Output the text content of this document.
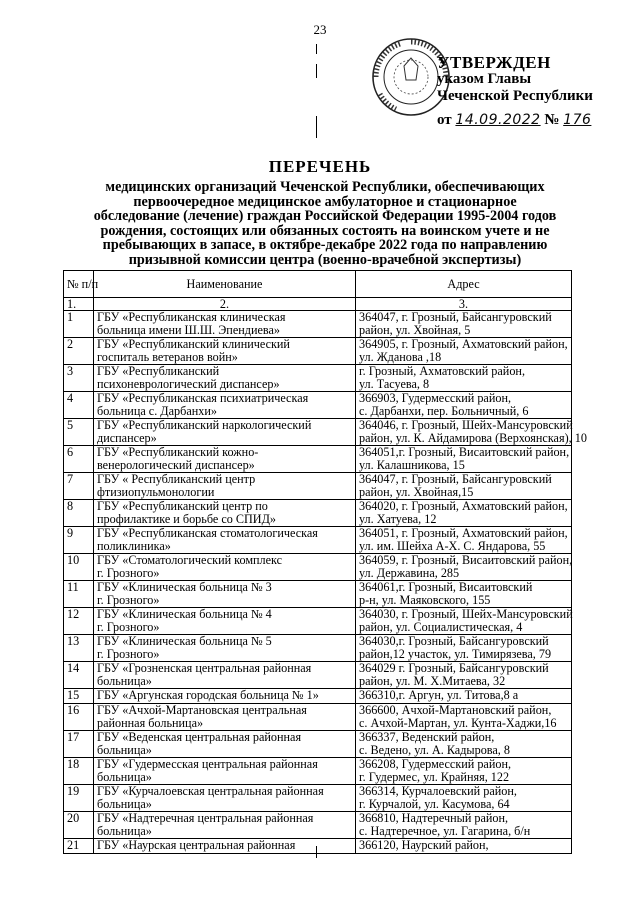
23
УТВЕРЖДЕН
указом Главы
Чеченской Республики
от 14.09.2022 № 176
ПЕРЕЧЕНЬ
медицинских организаций Чеченской Республики, обеспечивающих
первоочередное медицинское амбулаторное и стационарное
обследование (лечение) граждан Российской Федерации 1995-2004 годов
рождения, состоящих или обязанных состоять на воинском учете и не
пребывающих в запасе, в октябре-декабре 2022 года по направлению
призывной комиссии центра (военно-врачебной экспертизы)
№ п/п	Наименование	Адрес
1.	2.	3.
1	ГБУ «Республиканская клиническая
больница имени Ш.Ш. Эпендиева»	364047, г. Грозный, Байсангуровский
район, ул. Хвойная, 5

2	ГБУ «Республиканский клинический
госпиталь ветеранов войн»	364905, г. Грозный, Ахматовский район,
ул. Жданова ,18

3	ГБУ «Республиканский
психоневрологический диспансер»	г. Грозный, Ахматовский район,
ул. Тасуева, 8

4	ГБУ «Республиканская психиатрическая
больница с. Дарбанхи»	366903, Гудермесский район,
с. Дарбанхи, пер. Больничный, 6

5	ГБУ «Республиканский наркологический
диспансер»	364046, г. Грозный, Шейх-Мансуровский
район, ул. К. Айдамирова (Верхоянская), 10

6	ГБУ «Республиканский кожно-
венерологический диспансер»	364051,г. Грозный, Висаитовский район,
ул. Калашникова, 15

7	ГБУ « Республиканский центр
фтизиопульмонологии	364047, г. Грозный, Байсангуровский
район, ул. Хвойная,15

8	ГБУ «Республиканский центр по
профилактике и борьбе со СПИД»	364020, г. Грозный, Ахматовский район,
ул. Хатуева, 12

9	ГБУ «Республиканская стоматологическая
поликлиника»	364051, г. Грозный, Ахматовский район,
ул. им. Шейха А-Х. С. Яндарова, 55

10	ГБУ «Стоматологический комплекс
г. Грозного»	364059, г. Грозный, Висаитовский район,
ул. Державина, 285

11	ГБУ «Клиническая больница № 3
г. Грозного»	364061,г. Грозный, Висаитовский
р-н, ул. Маяковского, 155

12	ГБУ «Клиническая больница № 4
г. Грозного»	364030, г. Грозный, Шейх-Мансуровский
район, ул. Социалистическая, 4

13	ГБУ «Клиническая больница № 5
г. Грозного»	364030,г. Грозный, Байсангуровский
район,12 участок, ул. Тимирязева, 79

14	ГБУ «Грозненская центральная районная
больница»	364029 г. Грозный, Байсангуровский
район, ул. М. Х.Митаева, 32

15	ГБУ «Аргунская городская больница № 1»	366310,г. Аргун, ул. Титова,8 а

16	ГБУ «Ачхой-Мартановская центральная
районная больница»	366600, Ачхой-Мартановский район,
с. Ачхой-Мартан, ул. Кунта-Хаджи,16

17	ГБУ «Веденская центральная районная
больница»	366337, Веденский район,
с. Ведено, ул. А. Кадырова, 8

18	ГБУ «Гудермесская центральная районная
больница»	366208, Гудермесский район,
г. Гудермес, ул. Крайняя, 122

19	ГБУ «Курчалоевская центральная районная
больница»	366314, Курчалоевский район,
г. Курчалой, ул. Касумова, 64

20	ГБУ «Надтеречная центральная районная
больница»	366810, Надтеречный район,
с. Надтеречное, ул. Гагарина, б/н

21	ГБУ «Наурская центральная районная	366120, Наурский район,
